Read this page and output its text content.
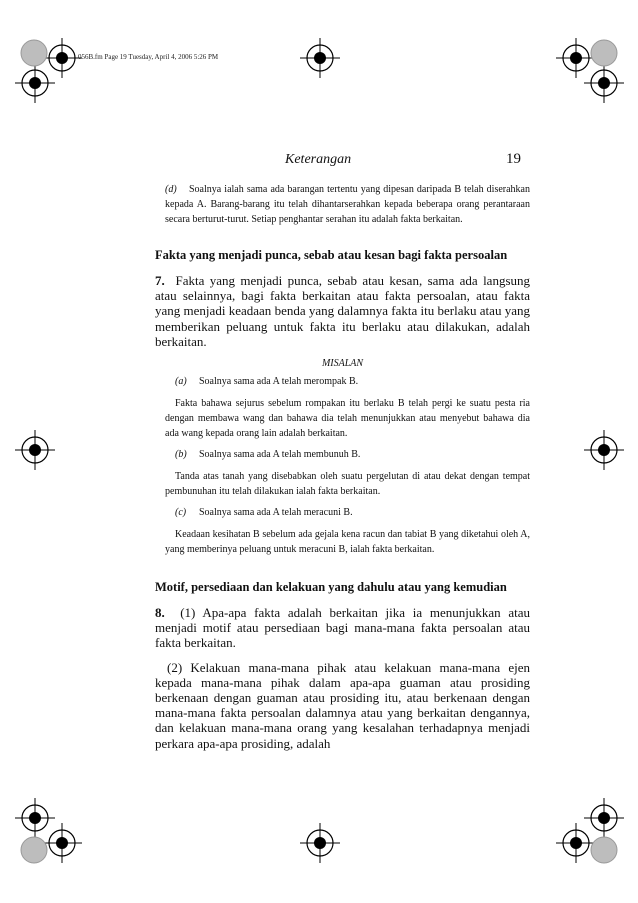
056B.fm Page 19 Tuesday, April 4, 2006 5:26 PM
Keterangan	19
(d) Soalnya ialah sama ada barangan tertentu yang dipesan daripada B telah diserahkan kepada A. Barang-barang itu telah dihantarserahkan kepada beberapa orang perantaraan secara berturut-turut. Setiap penghantar serahan itu adalah fakta berkaitan.
Fakta yang menjadi punca, sebab atau kesan bagi fakta persoalan

7. Fakta yang menjadi punca, sebab atau kesan, sama ada langsung atau selainnya, bagi fakta berkaitan atau fakta persoalan, atau fakta yang menjadi keadaan benda yang dalamnya fakta itu berlaku atau yang memberikan peluang untuk fakta itu berlaku atau dilakukan, adalah berkaitan.

MISALAN
(a) Soalnya sama ada A telah merompak B.
Fakta bahawa sejurus sebelum rompakan itu berlaku B telah pergi ke suatu pesta ria dengan membawa wang dan bahawa dia telah menunjukkan atau menyebut bahawa dia ada wang kepada orang lain adalah berkaitan.
(b) Soalnya sama ada A telah membunuh B.
Tanda atas tanah yang disebabkan oleh suatu pergelutan di atau dekat dengan tempat pembunuhan itu telah dilakukan ialah fakta berkaitan.
(c) Soalnya sama ada A telah meracuni B.
Keadaan kesihatan B sebelum ada gejala kena racun dan tabiat B yang diketahui oleh A, yang memberinya peluang untuk meracuni B, ialah fakta berkaitan.
Motif, persediaan dan kelakuan yang dahulu atau yang kemudian

8. (1) Apa-apa fakta adalah berkaitan jika ia menunjukkan atau menjadi motif atau persediaan bagi mana-mana fakta persoalan atau fakta berkaitan.

(2) Kelakuan mana-mana pihak atau kelakuan mana-mana ejen kepada mana-mana pihak dalam apa-apa guaman atau prosiding berkenaan dengan guaman atau prosiding itu, atau berkenaan dengan mana-mana fakta persoalan dalamnya atau yang berkaitan dengannya, dan kelakuan mana-mana orang yang kesalahan terhadapnya menjadi perkara apa-apa prosiding, adalah
